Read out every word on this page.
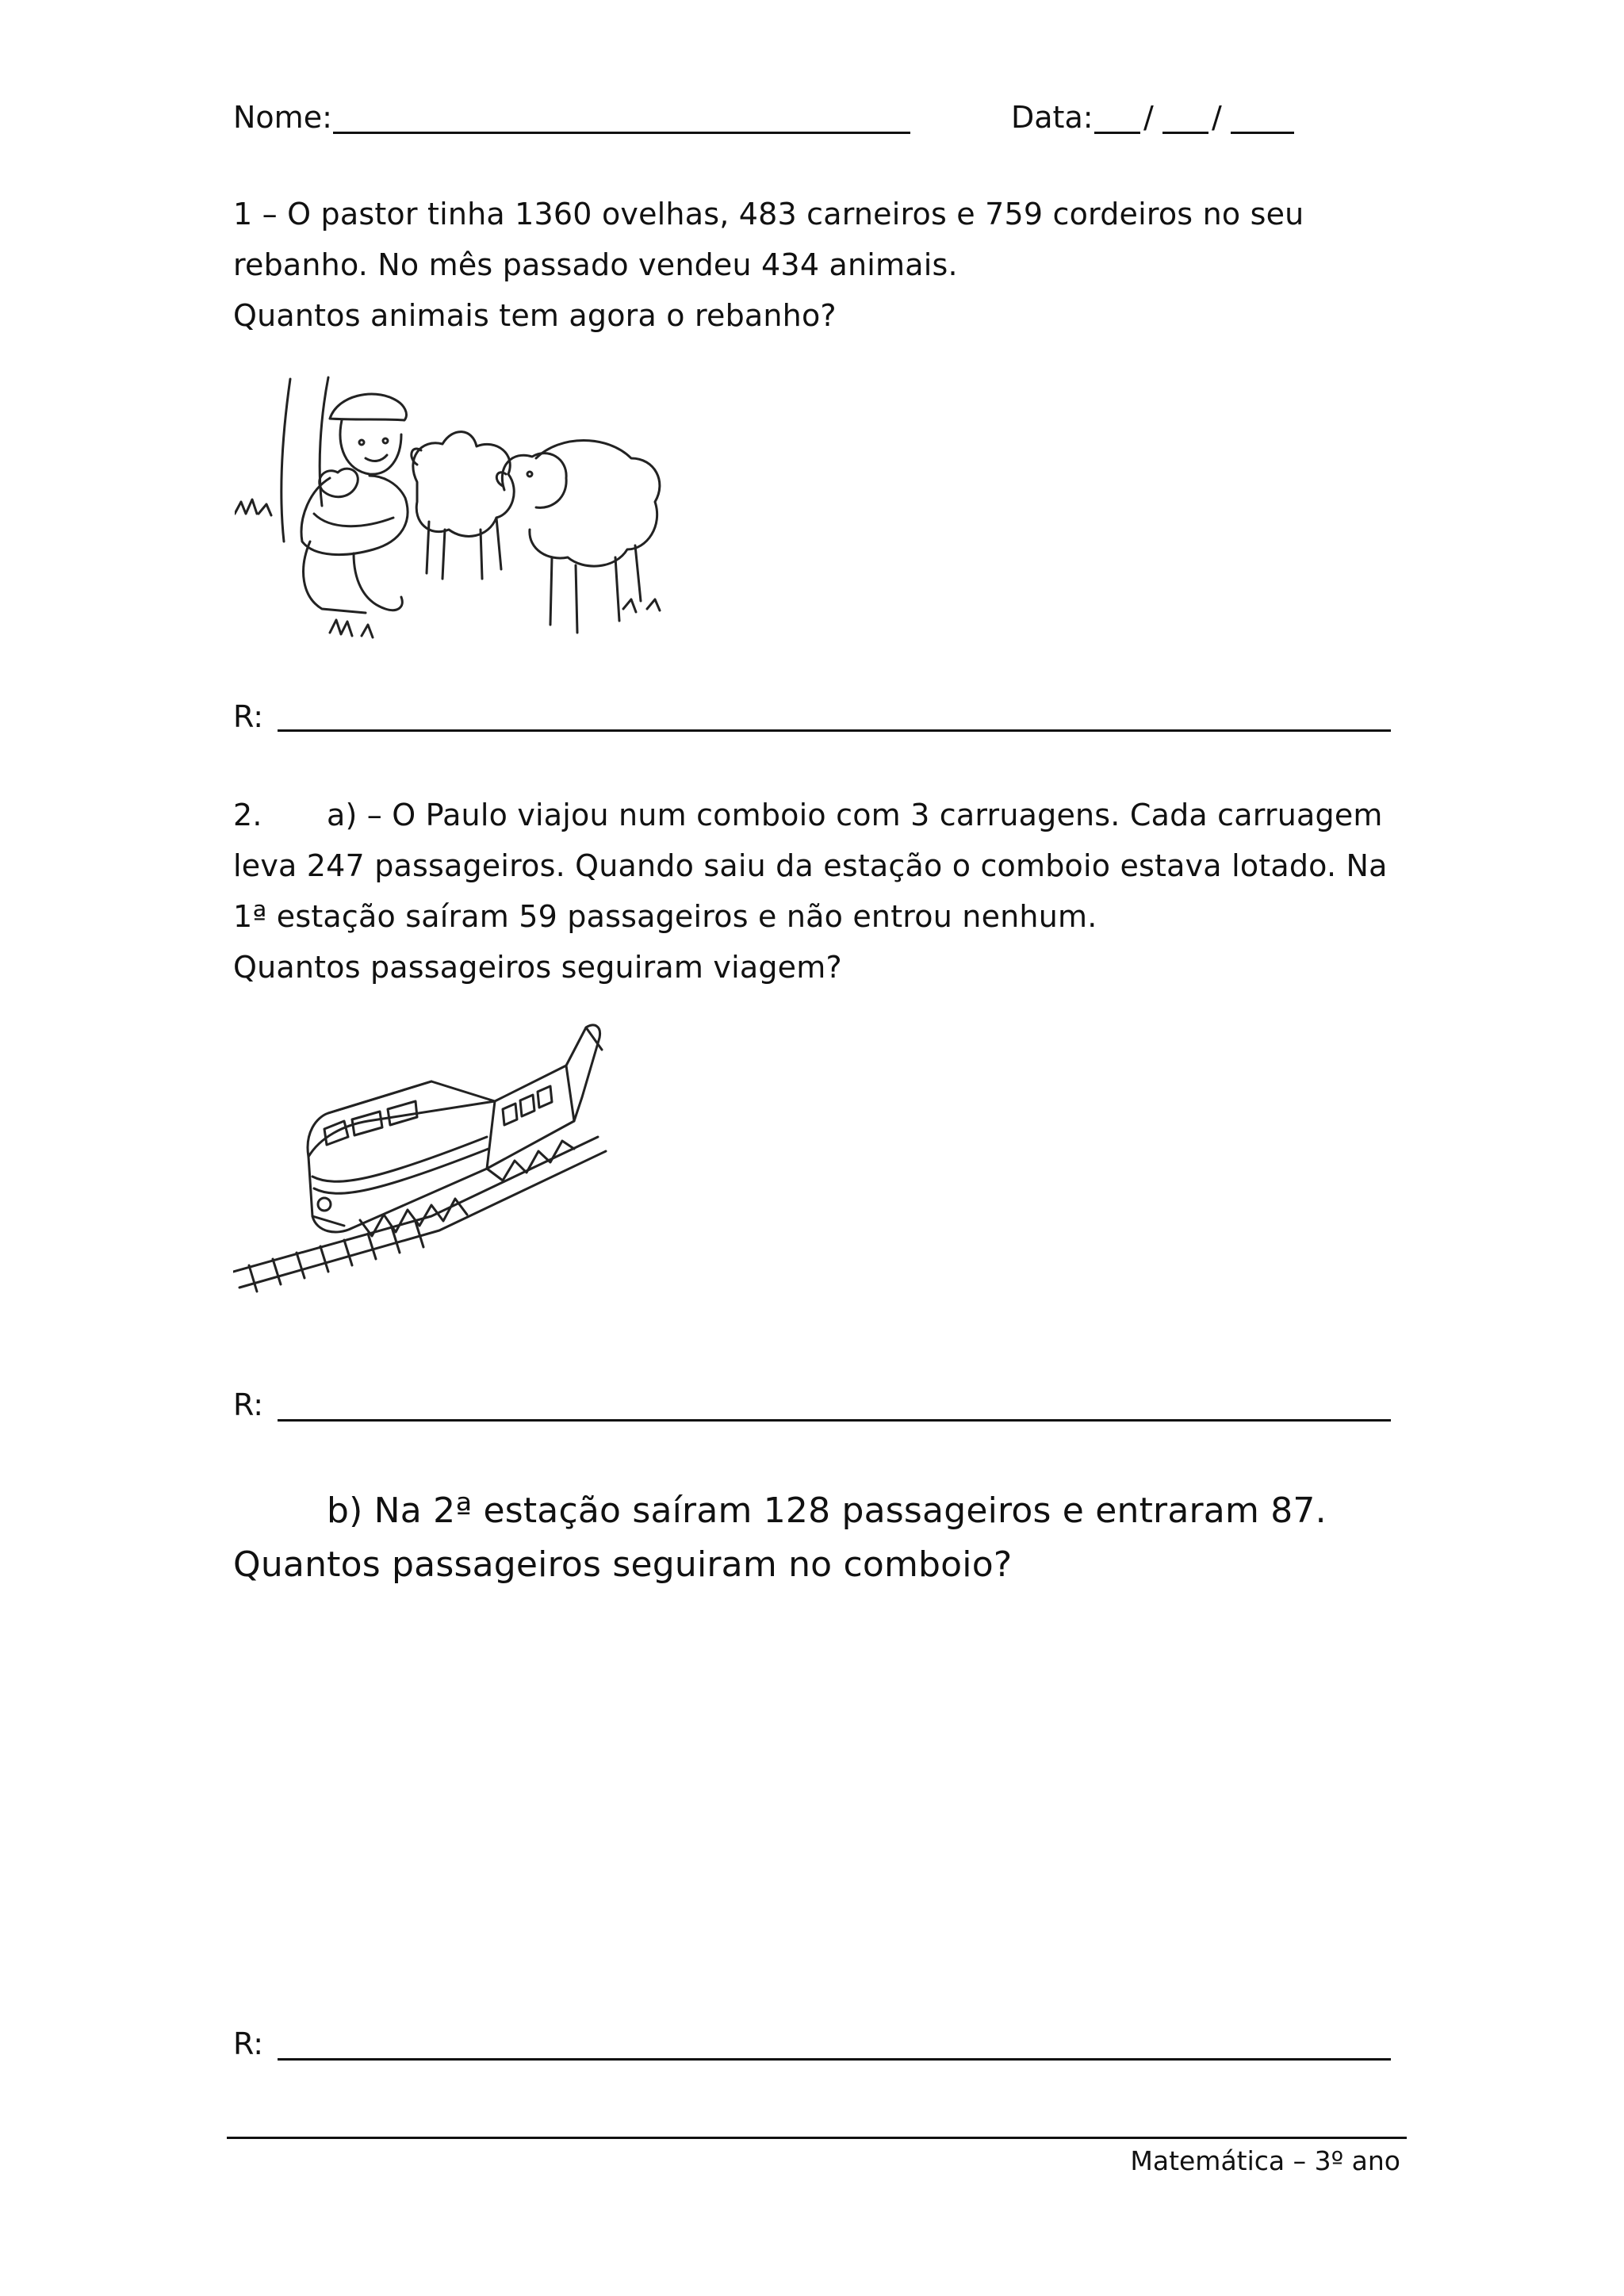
Nome:	Data: / /
1 – O pastor tinha 1360 ovelhas, 483 carneiros e 759 cordeiros no seu
rebanho. No mês passado vendeu 434 animais.
Quantos animais tem agora o rebanho?
R:
2. a) – O Paulo viajou num comboio com 3 carruagens. Cada carruagem
leva 247 passageiros. Quando saiu da estação o comboio estava lotado. Na
1ª estação saíram 59 passageiros e não entrou nenhum.
Quantos passageiros seguiram viagem?
R:
b) Na 2ª estação saíram 128 passageiros e entraram 87.
Quantos passageiros seguiram no comboio?
R:
Matemática – 3º ano
